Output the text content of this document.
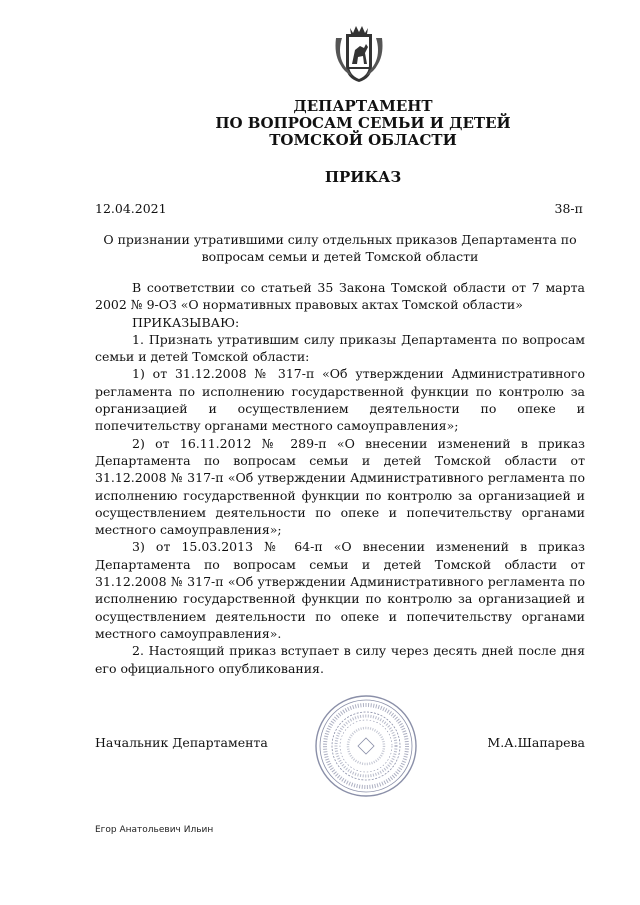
ДЕПАРТАМЕНТ
ПО ВОПРОСАМ СЕМЬИ И ДЕТЕЙ
ТОМСКОЙ ОБЛАСТИ
ПРИКАЗ
12.04.2021	38-п
О признании утратившими силу отдельных приказов Департамента по вопросам семьи и детей Томской области

В соответствии со статьей 35 Закона Томской области от 7 марта 2002 № 9-ОЗ «О нормативных правовых актах Томской области»

ПРИКАЗЫВАЮ:

1. Признать утратившим силу приказы Департамента по вопросам семьи и детей Томской области:

1) от 31.12.2008 № 317-п «Об утверждении Административного регламента по исполнению государственной функции по контролю за организацией и осуществлением деятельности по опеке и попечительству органами местного самоуправления»;

2) от 16.11.2012 № 289-п «О внесении изменений в приказ Департамента по вопросам семьи и детей Томской области от 31.12.2008 № 317-п «Об утверждении Административного регламента по исполнению государственной функции по контролю за организацией и осуществлением деятельности по опеке и попечительству органами местного самоуправления»;

3) от 15.03.2013 № 64-п «О внесении изменений в приказ Департамента по вопросам семьи и детей Томской области от 31.12.2008 № 317-п «Об утверждении Административного регламента по исполнению государственной функции по контролю за организацией и осуществлением деятельности по опеке и попечительству органами местного самоуправления».

2. Настоящий приказ вступает в силу через десять дней после дня его официального опубликования.

Начальник Департамента	М.А.Шапарева
Егор Анатольевич Ильин
